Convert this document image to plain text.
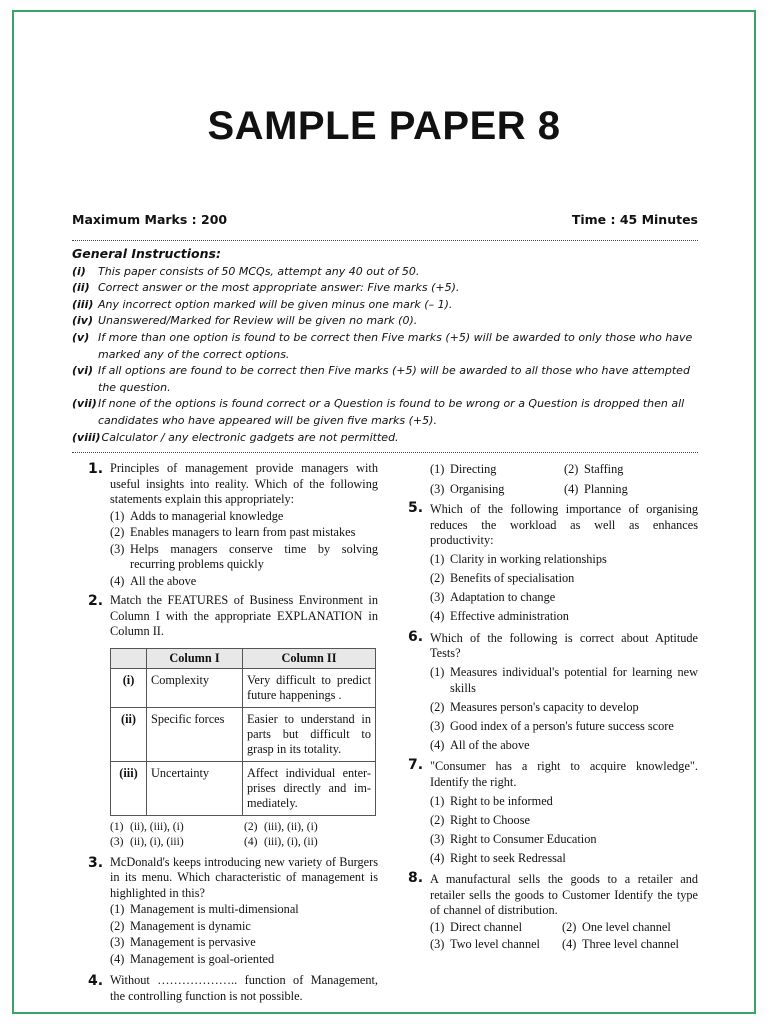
SAMPLE PAPER 8
Maximum Marks : 200	Time : 45 Minutes
General Instructions:
(i)	This paper consists of 50 MCQs, attempt any 40 out of 50.
(ii) Correct answer or the most appropriate answer: Five marks (+5).
(iii) Any incorrect option marked will be given minus one mark (– 1).
(iv) Unanswered/Marked for Review will be given no mark (0).
(v) If more than one option is found to be correct then Five marks (+5) will be awarded to only those who have marked any of the correct options.
(vi) If all options are found to be correct then Five marks (+5) will be awarded to all those who have attempted the question.
(vii) If none of the options is found correct or a Question is found to be wrong or a Question is dropped then all candidates who have appeared will be given five marks (+5).
(viii) Calculator / any electronic gadgets are not permitted.
1. Principles of management provide managers with useful insights into reality. Which of the following statements explain this appropriately:
(1) Adds to managerial knowledge
(2) Enables managers to learn from past mistakes
(3) Helps managers conserve time by solving recurring problems quickly
(4) All the above
2. Match the FEATURES of Business Environment in Column I with the appropriate EXPLANATION in Column II.
	Column I	Column II
(i)	Complexity	Very difficult to predict future happenings .
(ii)	Specific forces	Easier to understand in parts but difficult to grasp in its totality.
(iii)	Uncertainty	Affect individual enter-prises directly and im-mediately.
(1) (ii), (iii), (i)	(2) (iii), (ii), (i)
(3) (ii), (i), (iii)	(4) (iii), (i), (ii)
3. McDonald's keeps introducing new variety of Burgers in its menu. Which characteristic of management is highlighted in this?
(1) Management is multi-dimensional
(2) Management is dynamic
(3) Management is pervasive
(4) Management is goal-oriented
4. Without ……………….. function of Management, the controlling function is not possible.
(1) Directing	(2) Staffing
(3) Organising	(4) Planning
5. Which of the following importance of organising reduces the workload as well as enhances productivity:
(1) Clarity in working relationships
(2) Benefits of specialisation
(3) Adaptation to change
(4) Effective administration
6. Which of the following is correct about Aptitude Tests?
(1) Measures individual's potential for learning new skills
(2) Measures person's capacity to develop
(3) Good index of a person's future success score
(4) All of the above
7. "Consumer has a right to acquire knowledge". Identify the right.
(1) Right to be informed
(2) Right to Choose
(3) Right to Consumer Education
(4) Right to seek Redressal
8. A manufactural sells the goods to a retailer and retailer sells the goods to Customer Identify the type of channel of distribution.
(1) Direct channel	(2) One level channel
(3) Two level channel (4) Three level channel
